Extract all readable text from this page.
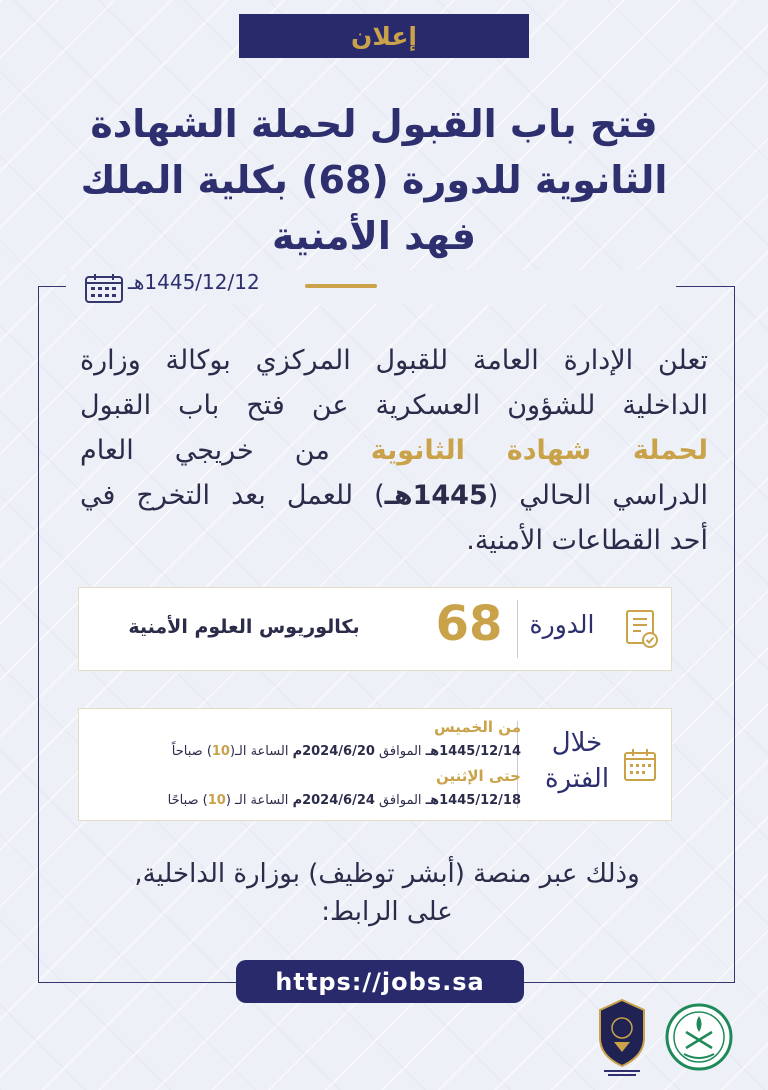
إعلان
فتح باب القبول لحملة الشهادة
الثانوية للدورة (68) بكلية الملك
فهد الأمنية
1445/12/12هـ
تعلن الإدارة العامة للقبول المركزي بوكالة وزارة
الداخلية للشؤون العسكرية عن فتح باب القبول
لحملة شهادة الثانوية من خريجي العام
الدراسي الحالي (1445هـ) للعمل بعد التخرج في
أحد القطاعات الأمنية.
الدورة
68
بكالوريوس العلوم الأمنية
خلال
الفترة
من الخميس
1445/12/14هـ الموافق 2024/6/20م الساعة الـ(10) صباحاً
حتى الإثنين
1445/12/18هـ الموافق 2024/6/24م الساعة الـ (10) صباحًا
وذلك عبر منصة (أبشر توظيف) بوزارة الداخلية,
على الرابط:
https://jobs.sa
